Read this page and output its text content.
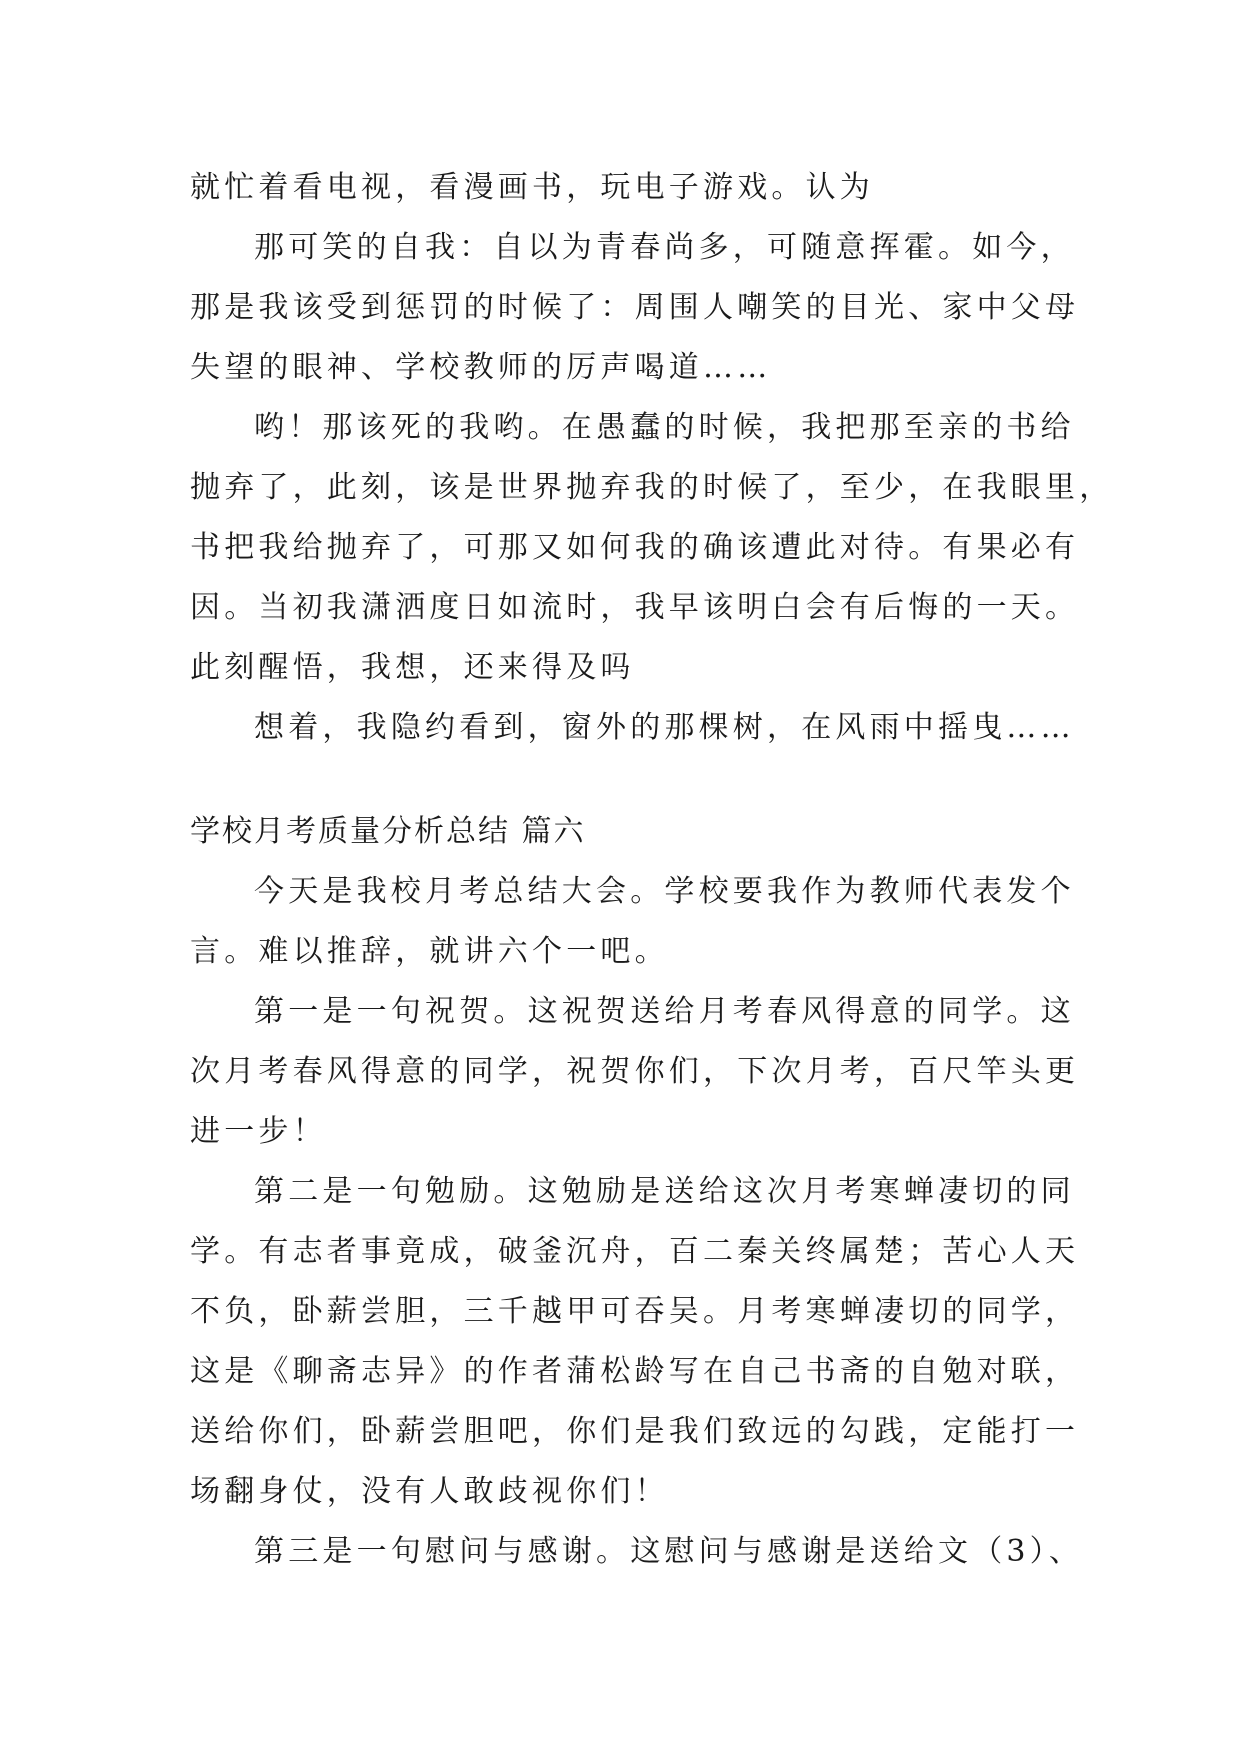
就忙着看电视，看漫画书，玩电子游戏。认为
那可笑的自我：自以为青春尚多，可随意挥霍。如今，
那是我该受到惩罚的时候了：周围人嘲笑的目光、家中父母
失望的眼神、学校教师的厉声喝道……
哟！那该死的我哟。在愚蠢的时候，我把那至亲的书给
抛弃了，此刻，该是世界抛弃我的时候了，至少，在我眼里，
书把我给抛弃了，可那又如何我的确该遭此对待。有果必有
因。当初我潇洒度日如流时，我早该明白会有后悔的一天。
此刻醒悟，我想，还来得及吗
想着，我隐约看到，窗外的那棵树，在风雨中摇曳……
学校月考质量分析总结 篇六
今天是我校月考总结大会。学校要我作为教师代表发个
言。难以推辞，就讲六个一吧。
第一是一句祝贺。这祝贺送给月考春风得意的同学。这
次月考春风得意的同学，祝贺你们，下次月考，百尺竿头更
进一步！
第二是一句勉励。这勉励是送给这次月考寒蝉凄切的同
学。有志者事竟成，破釜沉舟，百二秦关终属楚；苦心人天
不负，卧薪尝胆，三千越甲可吞吴。月考寒蝉凄切的同学，
这是《聊斋志异》的作者蒲松龄写在自己书斋的自勉对联，
送给你们，卧薪尝胆吧，你们是我们致远的勾践，定能打一
场翻身仗，没有人敢歧视你们！
第三是一句慰问与感谢。这慰问与感谢是送给文（3）、
